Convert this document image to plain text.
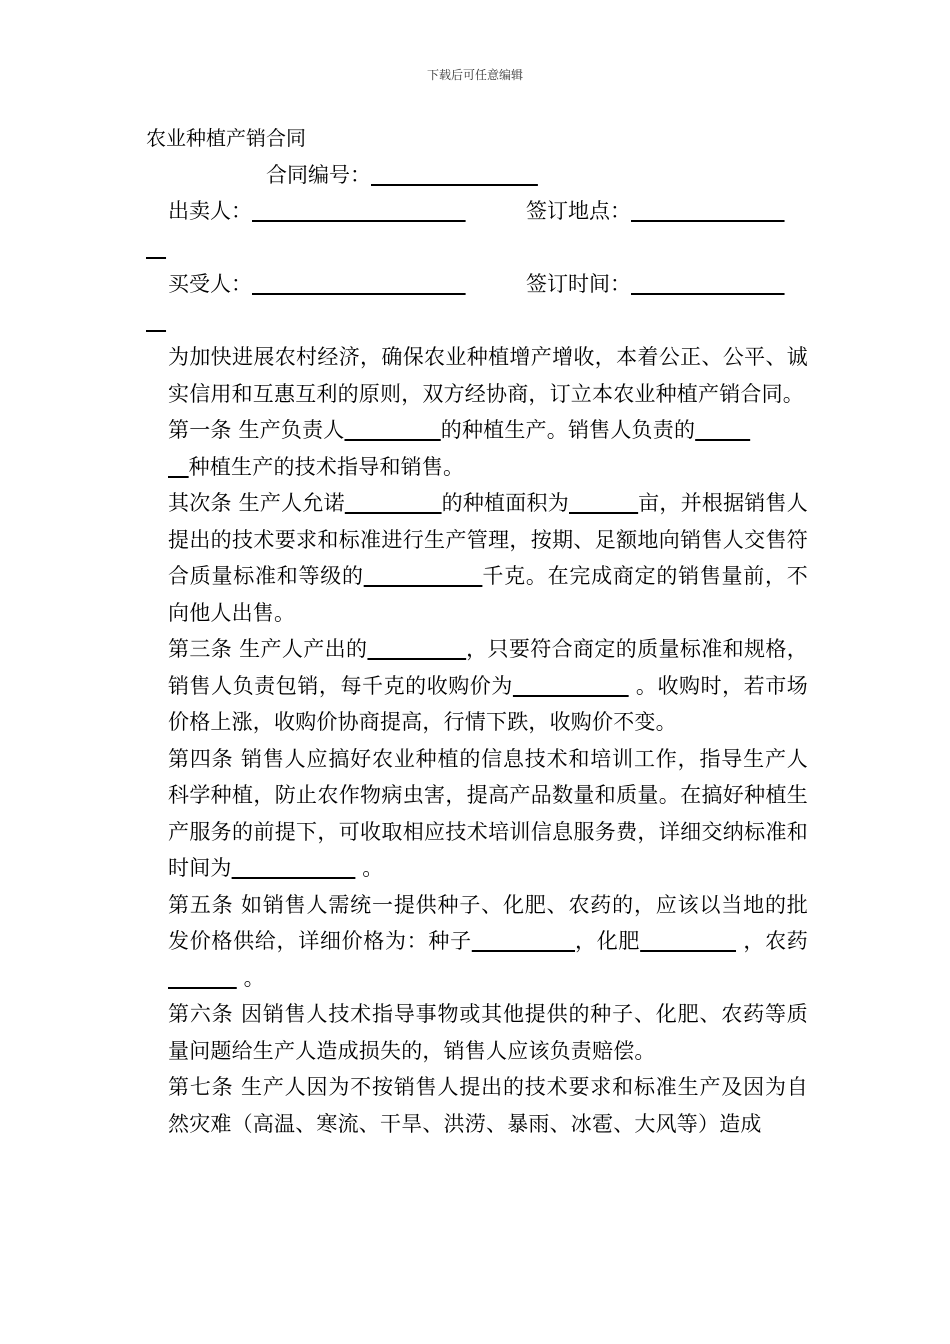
下载后可任意编辑
农业种植产销合同
合同编号：
出卖人：	签订地点：

买受人：	签订时间：

为加快进展农村经济，确保农业种植增产增收，本着公正、公平、诚实信用和互惠互利的原则，双方经协商，订立本农业种植产销合同。
第一条 生产负责人	的种植生产。销售人负责的
种植生产的技术指导和销售。
其次条 生产人允诺	的种植面积为	亩，并根据销售人提出的技术要求和标准进行生产管理，按期、足额地向销售人交售符合质量标准和等级的	千克。在完成商定的销售量前，不向他人出售。
第三条 生产人产出的	，只要符合商定的质量标准和规格，销售人负责包销，每千克的收购价为	。收购时，若市场价格上涨，收购价协商提高，行情下跌，收购价不变。
第四条 销售人应搞好农业种植的信息技术和培训工作，指导生产人科学种植，防止农作物病虫害，提高产品数量和质量。在搞好种植生产服务的前提下，可收取相应技术培训信息服务费，详细交纳标准和时间为	。
第五条 如销售人需统一提供种子、化肥、农药的，应该以当地的批发价格供给，详细价格为：种子	，化肥	，农药           。
第六条 因销售人技术指导事物或其他提供的种子、化肥、农药等质量问题给生产人造成损失的，销售人应该负责赔偿。
第七条 生产人因为不按销售人提出的技术要求和标准生产及因为自然灾难（高温、寒流、干旱、洪涝、暴雨、冰雹、大风等）造成
